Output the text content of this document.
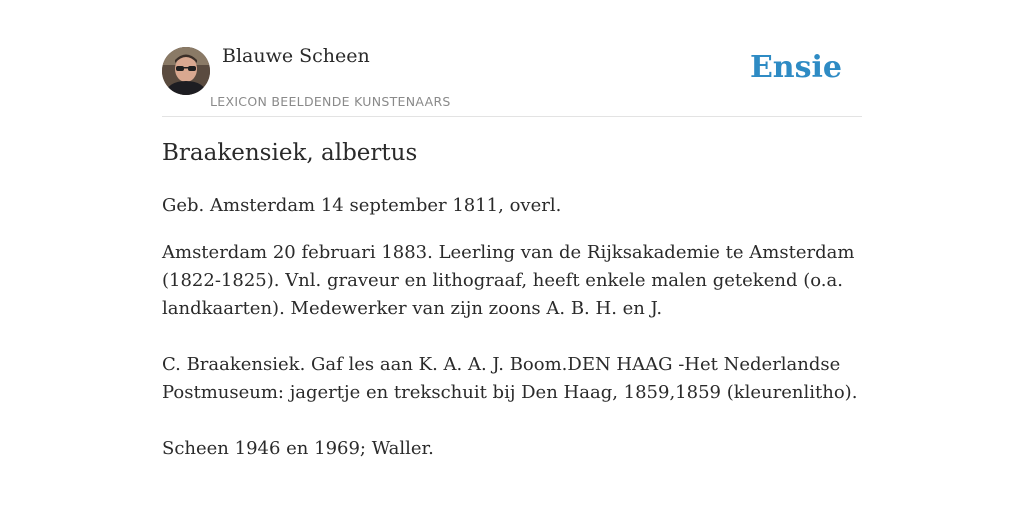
Blauwe Scheen
LEXICON BEELDENDE KUNSTENAARS
Ensie
Braakensiek, albertus

Geb. Amsterdam 14 september 1811, overl.

Amsterdam 20 februari 1883. Leerling van de Rijksakademie te Amsterdam (1822-1825). Vnl. graveur en lithograaf, heeft enkele malen getekend (o.a. landkaarten). Medewerker van zijn zoons A. B. H. en J.

C. Braakensiek. Gaf les aan K. A. A. J. Boom.DEN HAAG -Het Nederlandse Postmuseum: jagertje en trekschuit bij Den Haag, 1859,1859 (kleurenlitho).

Scheen 1946 en 1969; Waller.
